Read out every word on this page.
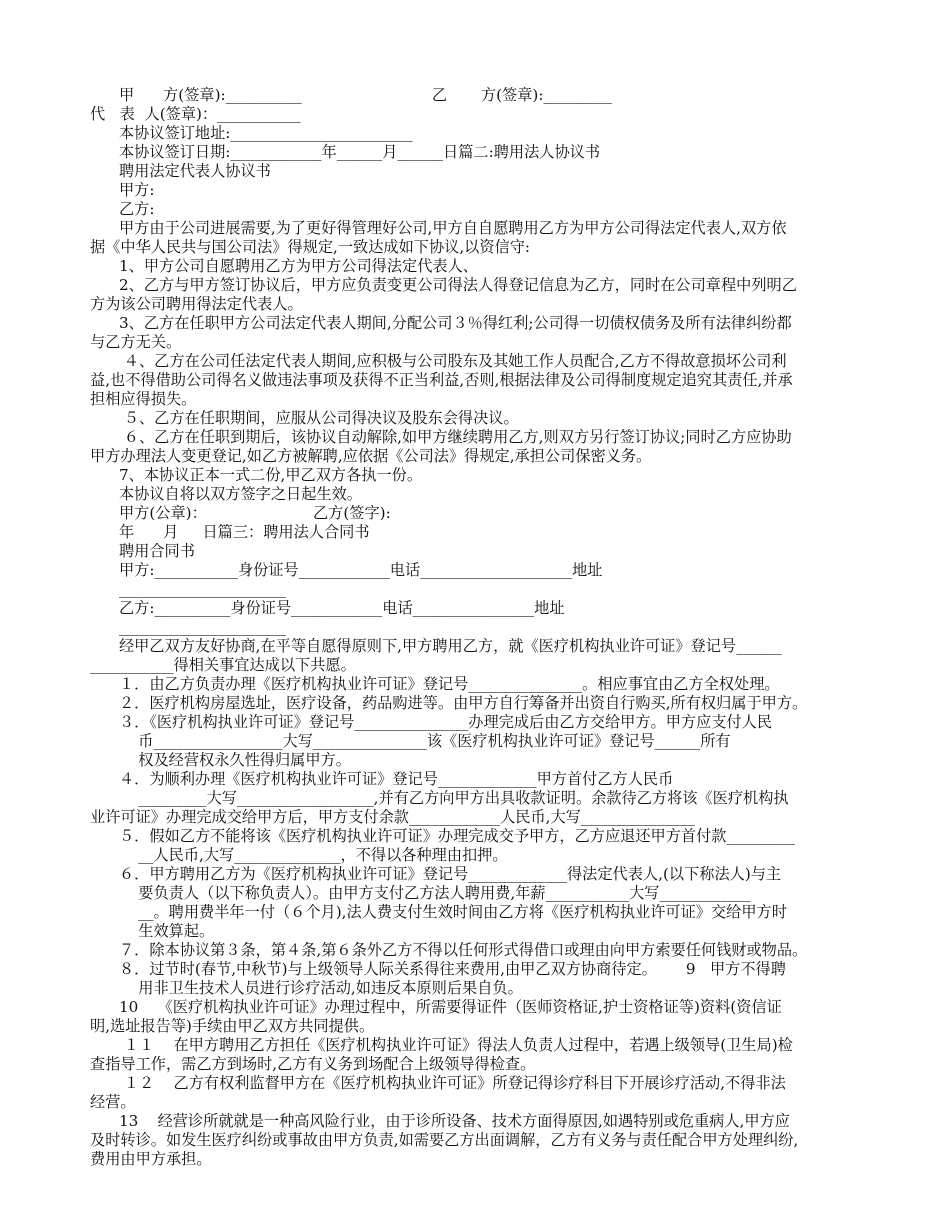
甲      方(签章):__________                           乙       方(签章):_________
代   表  人(签章)：___________
本协议签订地址:________________________
本协议签订日期:____________年______月______日篇二:聘用法人协议书
聘用法定代表人协议书
甲方:
乙方:
甲方由于公司进展需要,为了更好得管理好公司,甲方自自愿聘用乙方为甲方公司得法定代表人,双方依
据《中华人民共与国公司法》得规定,一致达成如下协议,以资信守:
1、甲方公司自愿聘用乙方为甲方公司得法定代表人、
2、乙方与甲方签订协议后，甲方应负责变更公司得法人得登记信息为乙方，同时在公司章程中列明乙
方为该公司聘用得法定代表人。
3、乙方在任职甲方公司法定代表人期间,分配公司３％得红利;公司得一切债权债务及所有法律纠纷都
与乙方无关。
４、乙方在公司任法定代表人期间,应积极与公司股东及其她工作人员配合,乙方不得故意损坏公司利
益,也不得借助公司得名义做违法事项及获得不正当利益,否则,根据法律及公司得制度规定追究其责任,并承
担相应得损失。
５、乙方在任职期间，应服从公司得决议及股东会得决议。
６、乙方在任职到期后，该协议自动解除,如甲方继续聘用乙方,则双方另行签订协议;同时乙方应协助
甲方办理法人变更登记,如乙方被解聘,应依据《公司法》得规定,承担公司保密义务。
7、本协议正本一式二份,甲乙双方各执一份。
本协议自将以双方签字之日起生效。
甲方(公章)：                      乙方(签字):
年      月     日篇三：聘用法人合同书
聘用合同书
甲方:___________身份证号____________电话____________________地址
______________________
乙方:__________身份证号____________电话________________地址
______________________
经甲乙双方友好协商,在平等自愿得原则下,甲方聘用乙方，就《医疗机构执业许可证》登记号______
___________得相关事宜达成以下共愿。
１．由乙方负责办理《医疗机构执业许可证》登记号_______________。相应事宜由乙方全权处理。
２．医疗机构房屋选址，医疗设备，药品购进等。由甲方自行筹备并出资自行购买,所有权归属于甲方。
３．《医疗机构执业许可证》登记号_______________办理完成后由乙方交给甲方。甲方应支付人民
币_________________大写_______________该《医疗机构执业许可证》登记号______所有
权及经营权永久性得归属甲方。
４．为顺利办理《医疗机构执业许可证》登记号_____________甲方首付乙方人民币
_________大写__________________,并有乙方向甲方出具收款证明。余款待乙方将该《医疗机构执
业许可证》办理完成交给甲方后，甲方支付余款____________人民币,大写_______________
５．假如乙方不能将该《医疗机构执业许可证》办理完成交予甲方，乙方应退还甲方首付款_________
__人民币,大写______________，不得以各种理由扣押。
６．甲方聘用乙方为《医疗机构执业许可证》登记号_____________得法定代表人,(以下称法人)与主
要负责人（以下称负责人）。由甲方支付乙方法人聘用费,年薪___________大写____________
__。聘用费半年一付（６个月),法人费支付生效时间由乙方将《医疗机构执业许可证》交给甲方时
生效算起。
７．除本协议第３条，第４条,第６条外乙方不得以任何形式得借口或理由向甲方索要任何钱财或物品。
８．过节时(春节,中秋节)与上级领导人际关系得往来费用,由甲乙双方协商待定。      9   甲方不得聘
用非卫生技术人员进行诊疗活动,如违反本原则后果自负。
10    《医疗机构执业许可证》办理过程中，所需要得证件（医师资格证,护士资格证等)资料(资信证
明,选址报告等)手续由甲乙双方共同提供。
１１    在甲方聘用乙方担任《医疗机构执业许可证》得法人负责人过程中，若遇上级领导(卫生局)检
查指导工作，需乙方到场时,乙方有义务到场配合上级领导得检查。
１２    乙方有权利监督甲方在《医疗机构执业许可证》所登记得诊疗科目下开展诊疗活动,不得非法
经营。
13    经营诊所就就是一种高风险行业，由于诊所设备、技术方面得原因,如遇特别或危重病人,甲方应
及时转诊。如发生医疗纠纷或事故由甲方负责,如需要乙方出面调解，乙方有义务与责任配合甲方处理纠纷,
费用由甲方承担。
